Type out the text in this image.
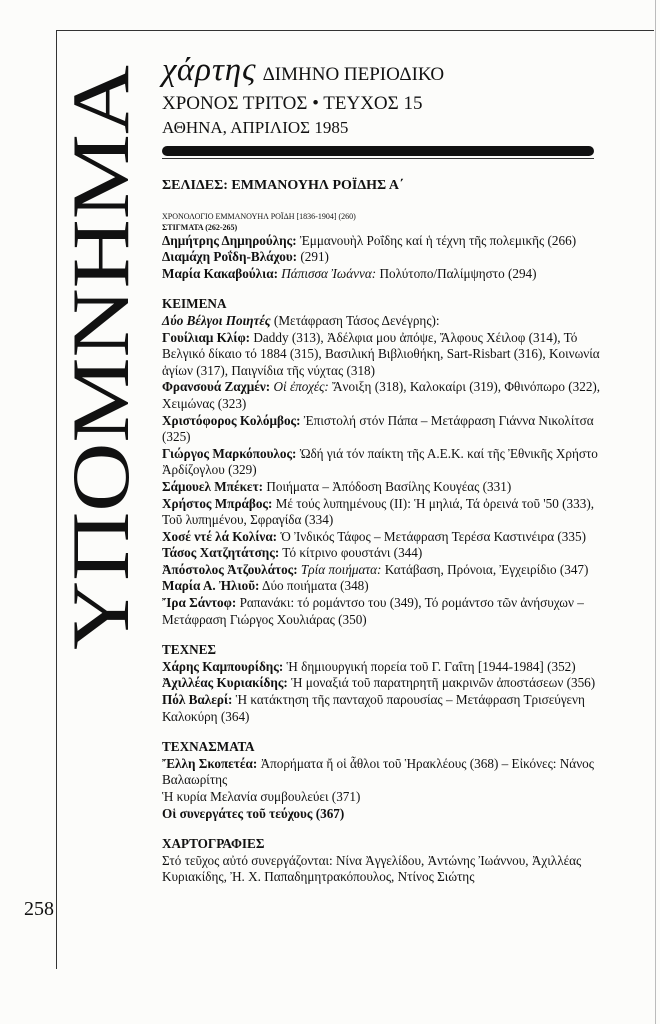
ΥΠΟΜΝΗΜΑ
258
χάρτης ΔΙΜΗΝΟ ΠΕΡΙΟΔΙΚΟ
ΧΡΟΝΟΣ ΤΡΙΤΟΣ • ΤΕΥΧΟΣ 15
ΑΘΗΝΑ, ΑΠΡΙΛΙΟΣ 1985
ΣΕΛΙΔΕΣ: ΕΜΜΑΝΟΥΗΛ ΡΟΪΔΗΣ Α΄
ΧΡΟΝΟΛΟΓΙΟ ΕΜΜΑΝΟΥΗΛ ΡΟΪΔΗ [1836-1904] (260)
ΣΤΙΓΜΑΤΑ (262-265)

Δημήτρης Δημηρούλης: Ἐμμανουὴλ Ροΐδης καί ἡ τέχνη τῆς πολεμικῆς (266)

Διαμάχη Ροΐδη-Βλάχου: (291)

Μαρία Κακαβούλια: Πάπισσα Ἰωάννα: Πολύτοπο/Παλίμψηστο (294)

ΚΕΙΜΕΝΑ

Δύο Βέλγοι Ποιητές (Μετάφραση Τάσος Δενέγρης):

Γουίλιαμ Κλίφ: Daddy (313), Ἀδέλφια μου ἀπόψε, Ἄλφους Χέιλοφ (314), Τό Βελγικό δίκαιο τό 1884 (315), Βασιλική Βιβλιοθήκη, Sart-Risbart (316), Κοινωνία ἁγίων (317), Παιγνίδια τῆς νύχτας (318)

Φρανσουά Ζαχμέν: Οἱ ἐποχές: Ἄνοιξη (318), Καλοκαίρι (319), Φθινόπωρο (322), Χειμώνας (323)

Χριστόφορος Κολόμβος: Ἐπιστολή στόν Πάπα – Μετάφραση Γιάννα Νικολίτσα (325)

Γιώργος Μαρκόπουλος: Ὠδή γιά τόν παίκτη τῆς Α.Ε.Κ. καί τῆς Ἐθνικῆς Χρήστο Ἀρδίζογλου (329)

Σάμουελ Μπέκετ: Ποιήματα – Ἀπόδοση Βασίλης Κουγέας (331)

Χρήστος Μπράβος: Μέ τούς λυπημένους (ΙΙ): Ἡ μηλιά, Τά ὀρεινά τοῦ '50 (333), Τοῦ λυπημένου, Σφραγίδα (334)

Χοσέ ντέ λά Κολίνα: Ὁ Ἰνδικός Τάφος – Μετάφραση Τερέσα Καστινέιρα (335)

Τάσος Χατζητάτσης: Τό κίτρινο φουστάνι (344)

Ἀπόστολος Ἀτζουλάτος: Τρία ποιήματα: Κατάβαση, Πρόνοια, Ἐγχειρίδιο (347)

Μαρία Α. Ἠλιοῦ: Δύο ποιήματα (348)

Ἴρα Σάντοφ: Ραπανάκι: τό ρομάντσο του (349), Τό ρομάντσο τῶν ἀνήσυχων – Μετάφραση Γιώργος Χουλιάρας (350)

ΤΕΧΝΕΣ

Χάρης Καμπουρίδης: Ἡ δημιουργική πορεία τοῦ Γ. Γαΐτη [1944-1984] (352)

Ἀχιλλέας Κυριακίδης: Ἡ μοναξιά τοῦ παρατηρητῆ μακρινῶν ἀποστάσεων (356)

Πόλ Βαλερί: Ἡ κατάκτηση τῆς πανταχοῦ παρουσίας – Μετάφραση Τρισεύγενη Καλοκύρη (364)

ΤΕΧΝΑΣΜΑΤΑ

Ἔλλη Σκοπετέα: Ἀπορήματα ἤ οἱ ἆθλοι τοῦ Ἡρακλέους (368) – Εἰκόνες: Νάνος Βαλαωρίτης

Ἡ κυρία Μελανία συμβουλεύει (371)

Οἱ συνεργάτες τοῦ τεύχους (367)

ΧΑΡΤΟΓΡΑΦΙΕΣ

Στό τεῦχος αὐτό συνεργάζονται: Νίνα Ἀγγελίδου, Ἀντώνης Ἰωάννου, Ἀχιλλέας Κυριακίδης, Ἠ. Χ. Παπαδημητρακόπουλος, Ντίνος Σιώτης
